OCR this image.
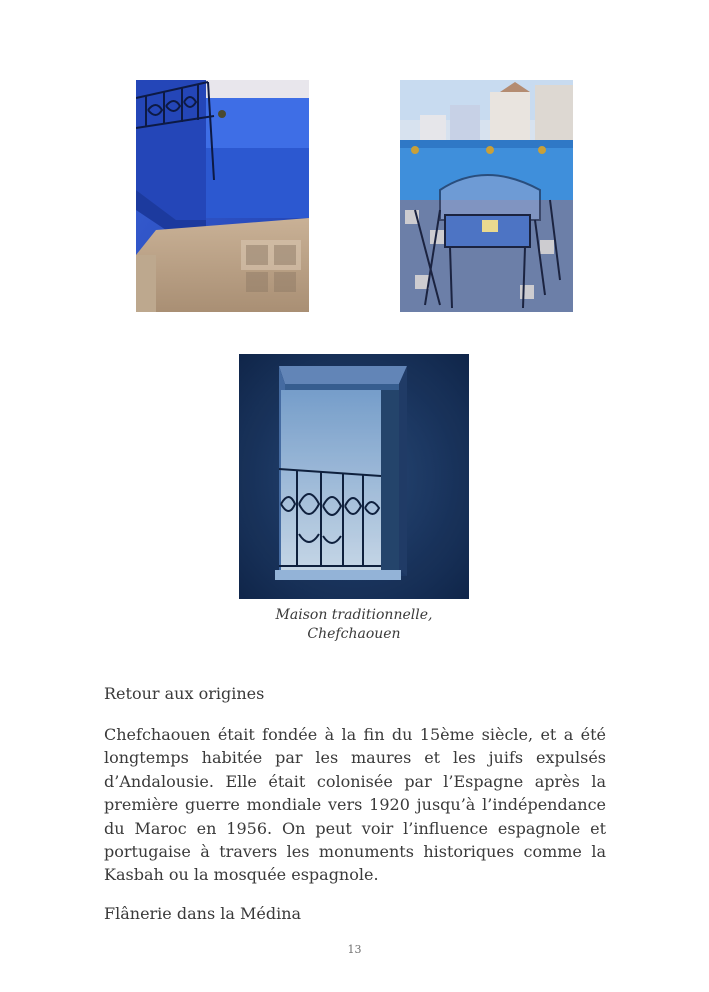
Maison traditionnelle,
Chefchaouen
Retour aux origines
Chefchaouen était fondée à la fin du 15ème siècle, et a été longtemps habitée par les maures et les juifs expulsés d’Andalousie. Elle était colonisée par l’Espagne après la première guerre mondiale vers 1920 jusqu’à l’indépendance du Maroc en 1956. On peut voir l’influence espagnole et portugaise à travers les monuments historiques comme la Kasbah ou la mosquée espagnole.
Flânerie dans la Médina
13
